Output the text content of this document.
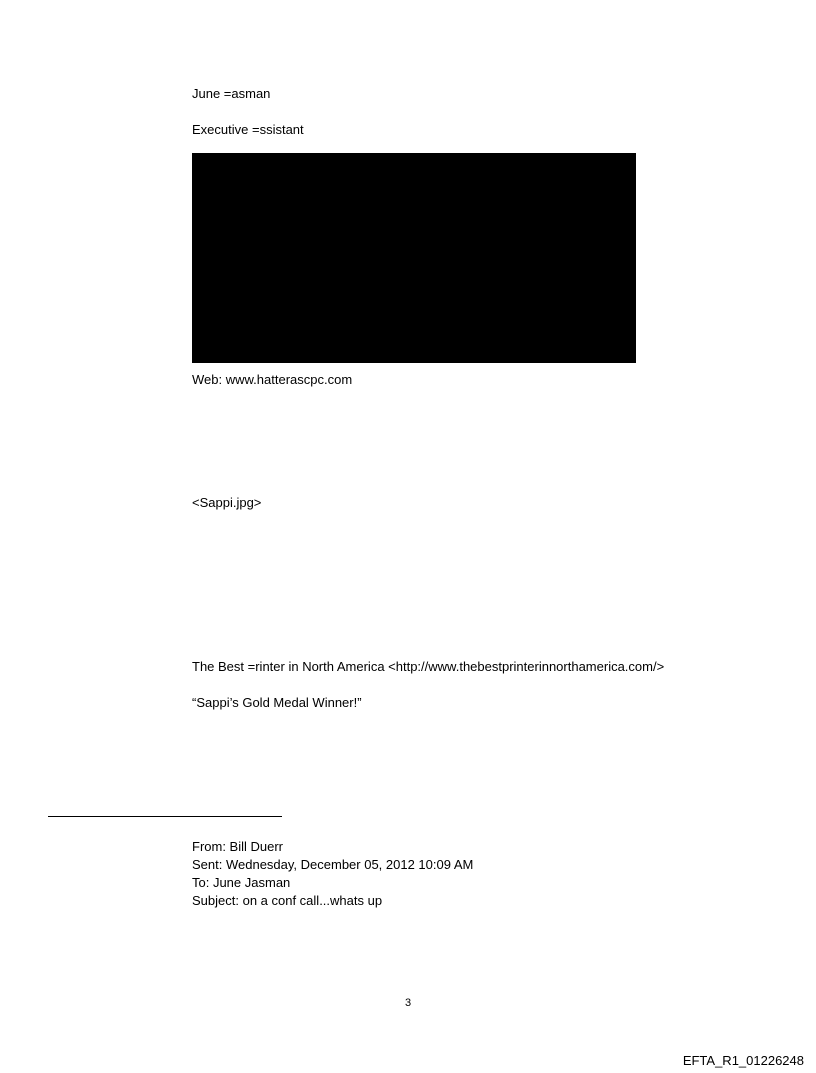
June =asman
Executive =ssistant
Web: www.hatterascpc.com
<Sappi.jpg>
The Best =rinter in North America <http://www.thebestprinterinnorthamerica.com/>
“Sappi’s Gold Medal Winner!”
From: Bill Duerr
Sent: Wednesday, December 05, 2012 10:09 AM
To: June Jasman
Subject: on a conf call...whats up
3
EFTA_R1_01226248
